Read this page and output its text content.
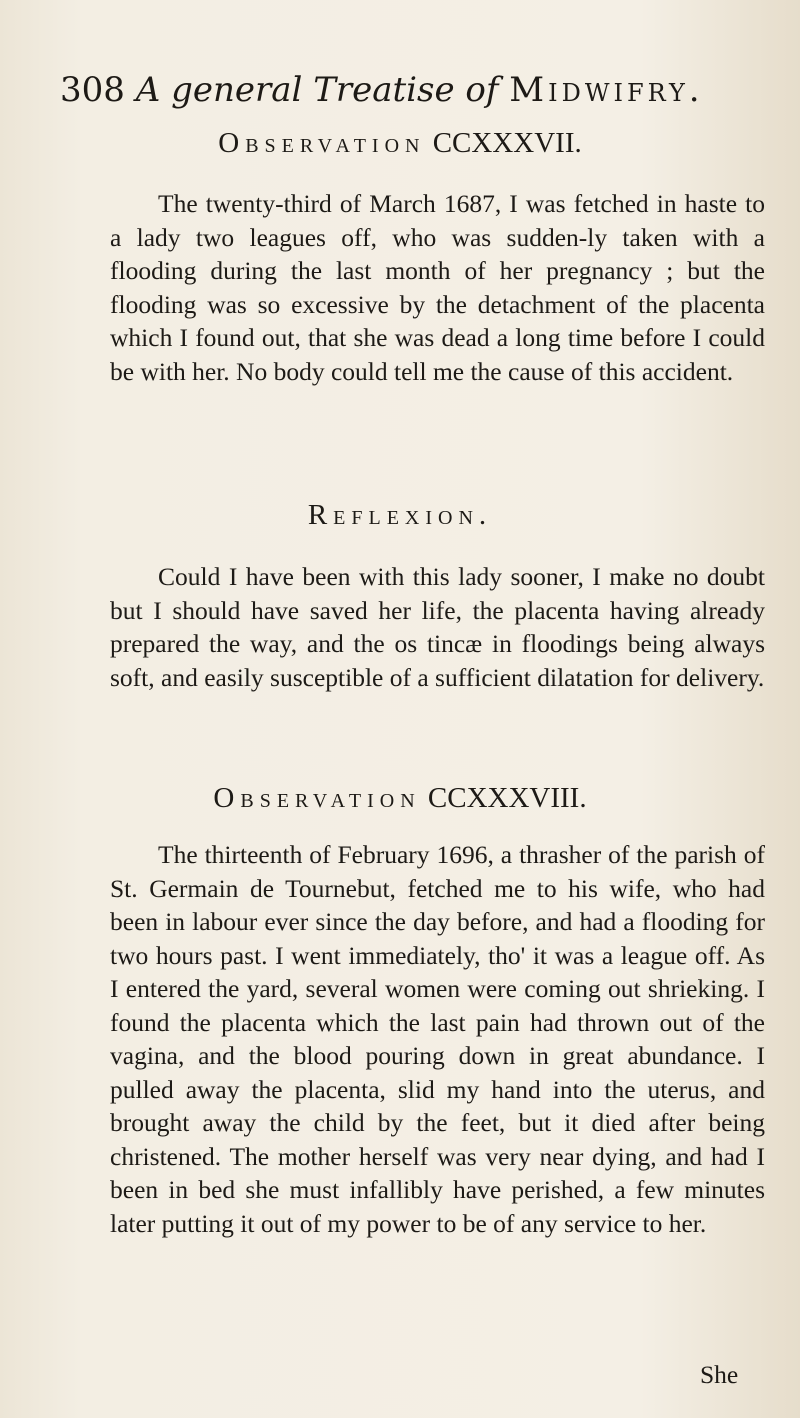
308 A general Treatise of Midwifry.
Observation CCXXXVII.
The twenty-third of March 1687, I was fetched in haste to a lady two leagues off, who was sudden-ly taken with a flooding during the last month of her pregnancy ; but the flooding was so excessive by the detachment of the placenta which I found out, that she was dead a long time before I could be with her. No body could tell me the cause of this accident.
Reflexion.
Could I have been with this lady sooner, I make no doubt but I should have saved her life, the placenta having already prepared the way, and the os tincæ in floodings being always soft, and easily susceptible of a sufficient dilatation for delivery.
Observation CCXXXVIII.
The thirteenth of February 1696, a thrasher of the parish of St. Germain de Tournebut, fetched me to his wife, who had been in labour ever since the day before, and had a flooding for two hours past. I went immediately, tho' it was a league off. As I entered the yard, several women were coming out shrieking. I found the placenta which the last pain had thrown out of the vagina, and the blood pouring down in great abundance. I pulled away the placenta, slid my hand into the uterus, and brought away the child by the feet, but it died after being christened. The mother herself was very near dying, and had I been in bed she must infallibly have perished, a few minutes later putting it out of my power to be of any service to her.
She
